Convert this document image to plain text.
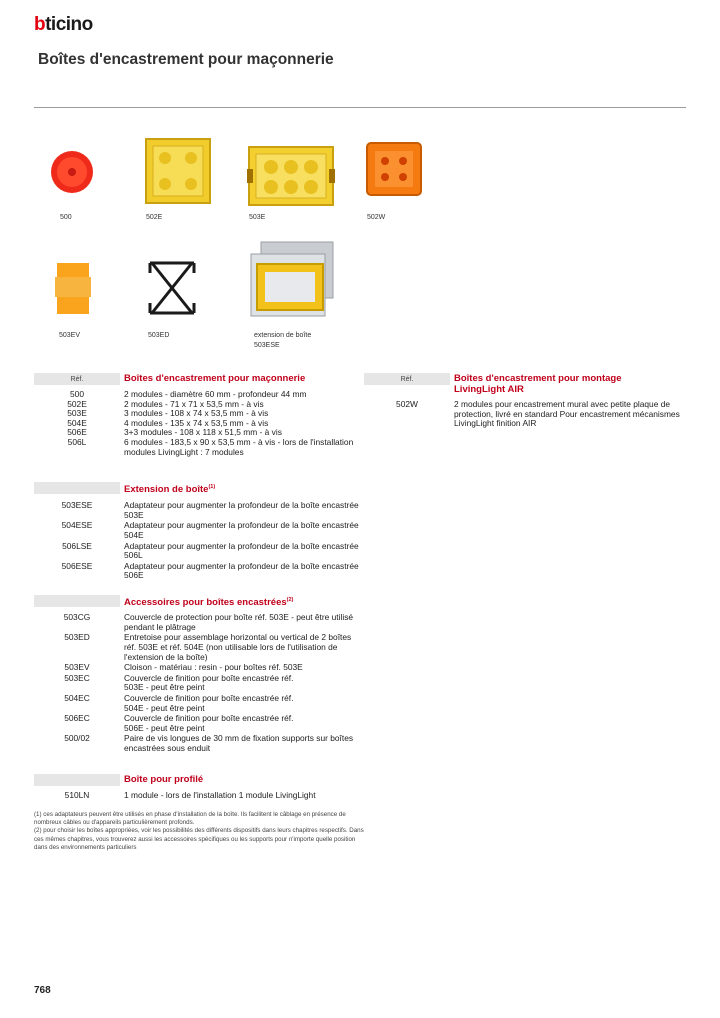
bticino
Boîtes d'encastrement pour maçonnerie
500	502E	503E	502W
503EV	503ED	extension de boîte
503ESE
Réf.	Boîtes d'encastrement pour maçonnerie
500	2 modules - diamètre 60 mm - profondeur 44 mm
502E	2 modules - 71 x 71 x 53,5 mm - à vis
503E	3 modules - 108 x 74 x 53,5 mm - à vis
504E	4 modules - 135 x 74 x 53,5 mm - à vis
506E	3+3 modules - 108 x 118 x 51,5 mm - à vis
506L	6 modules - 183,5 x 90 x 53,5 mm - à vis - lors de l'installation modules LivingLight : 7 modules
Extension de boîte$^{(1)}$
503ESE	Adaptateur pour augmenter la profondeur de la boîte encastrée 503E
504ESE	Adaptateur pour augmenter la profondeur de la boîte encastrée 504E
506LSE	Adaptateur pour augmenter la profondeur de la boîte encastrée 506L
506ESE	Adaptateur pour augmenter la profondeur de la boîte encastrée 506E
Accessoires pour boîtes encastrées$^{(2)}$
503CG	Couvercle de protection pour boîte réf. 503E - peut être utilisé pendant le plâtrage
503ED	Entretoise pour assemblage horizontal ou vertical de 2 boîtes réf. 503E et réf. 504E (non utilisable lors de l'utilisation de l'extension de la boîte)
503EV	Cloison - matériau : resin - pour boîtes réf. 503E
503EC	Couvercle de finition pour boîte encastrée réf. 503E - peut être peint
504EC	Couvercle de finition pour boîte encastrée réf. 504E - peut être peint
506EC	Couvercle de finition pour boîte encastrée réf. 506E - peut être peint
500/02	Paire de vis longues de 30 mm de fixation supports sur boîtes encastrées sous enduit
Boîte pour profilé
510LN	1 module - lors de l'installation 1 module LivingLight
Réf.	Boîtes d'encastrement pour montage LivingLight AIR
502W	2 modules pour encastrement mural avec petite plaque de protection, livré en standard Pour encastrement mécanismes LivingLight finition AIR
(1) ces adaptateurs peuvent être utilisés en phase d'installation de la boîte. Ils facilitent le câblage en présence de nombreux câbles ou d'appareils particulièrement profonds.
(2) pour choisir les boîtes appropriées, voir les possibilités des différents dispositifs dans leurs chapitres respectifs. Dans ces mêmes chapitres, vous trouverez aussi les accessoires spécifiques ou les supports pour n'importe quelle position dans des environnements particuliers
768
